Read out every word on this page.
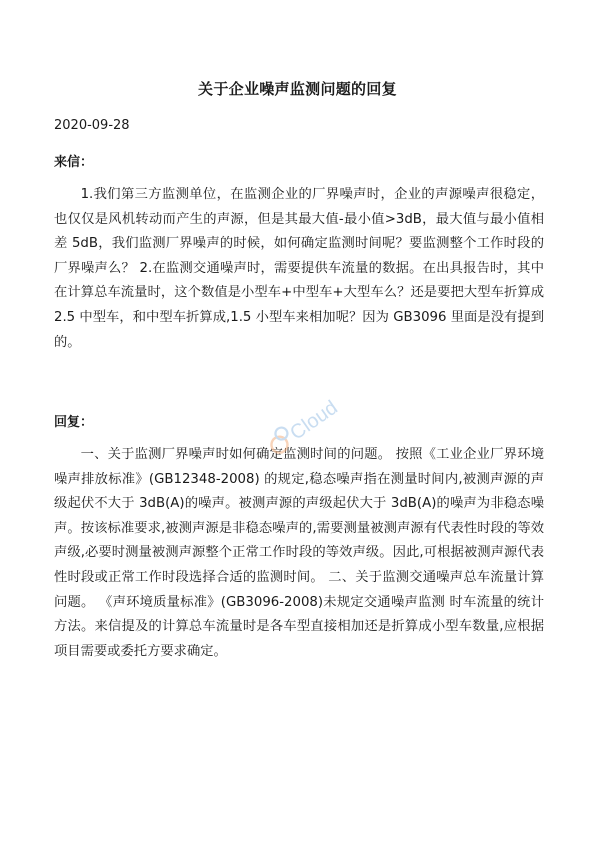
关于企业噪声监测问题的回复
2020-09-28
来信：

1.我们第三方监测单位，在监测企业的厂界噪声时，企业的声源噪声很稳定，也仅仅是风机转动而产生的声源，但是其最大值-最小值>3dB，最大值与最小值相差 5dB，我们监测厂界噪声的时候，如何确定监测时间呢？要监测整个工作时段的厂界噪声么？ 2.在监测交通噪声时，需要提供车流量的数据。在出具报告时，其中在计算总车流量时，这个数值是小型车+中型车+大型车么？还是要把大型车折算成 2.5 中型车，和中型车折算成,1.5 小型车来相加呢？因为 GB3096 里面是没有提到的。

回复：

一、关于监测厂界噪声时如何确定监测时间的问题。 按照《工业企业厂界环境噪声排放标准》(GB12348-2008) 的规定,稳态噪声指在测量时间内,被测声源的声级起伏不大于 3dB(A)的噪声。被测声源的声级起伏大于 3dB(A)的噪声为非稳态噪声。按该标准要求,被测声源是非稳态噪声的,需要测量被测声源有代表性时段的等效声级,必要时测量被测声源整个正常工作时段的等效声级。因此,可根据被测声源代表性时段或正常工作时段选择合适的监测时间。 二、关于监测交通噪声总车流量计算问题。 《声环境质量标准》(GB3096-2008)未规定交通噪声监测 时车流量的统计方法。来信提及的计算总车流量时是各车型直接相加还是折算成小型车数量,应根据项目需要或委托方要求确定。

Cloud
